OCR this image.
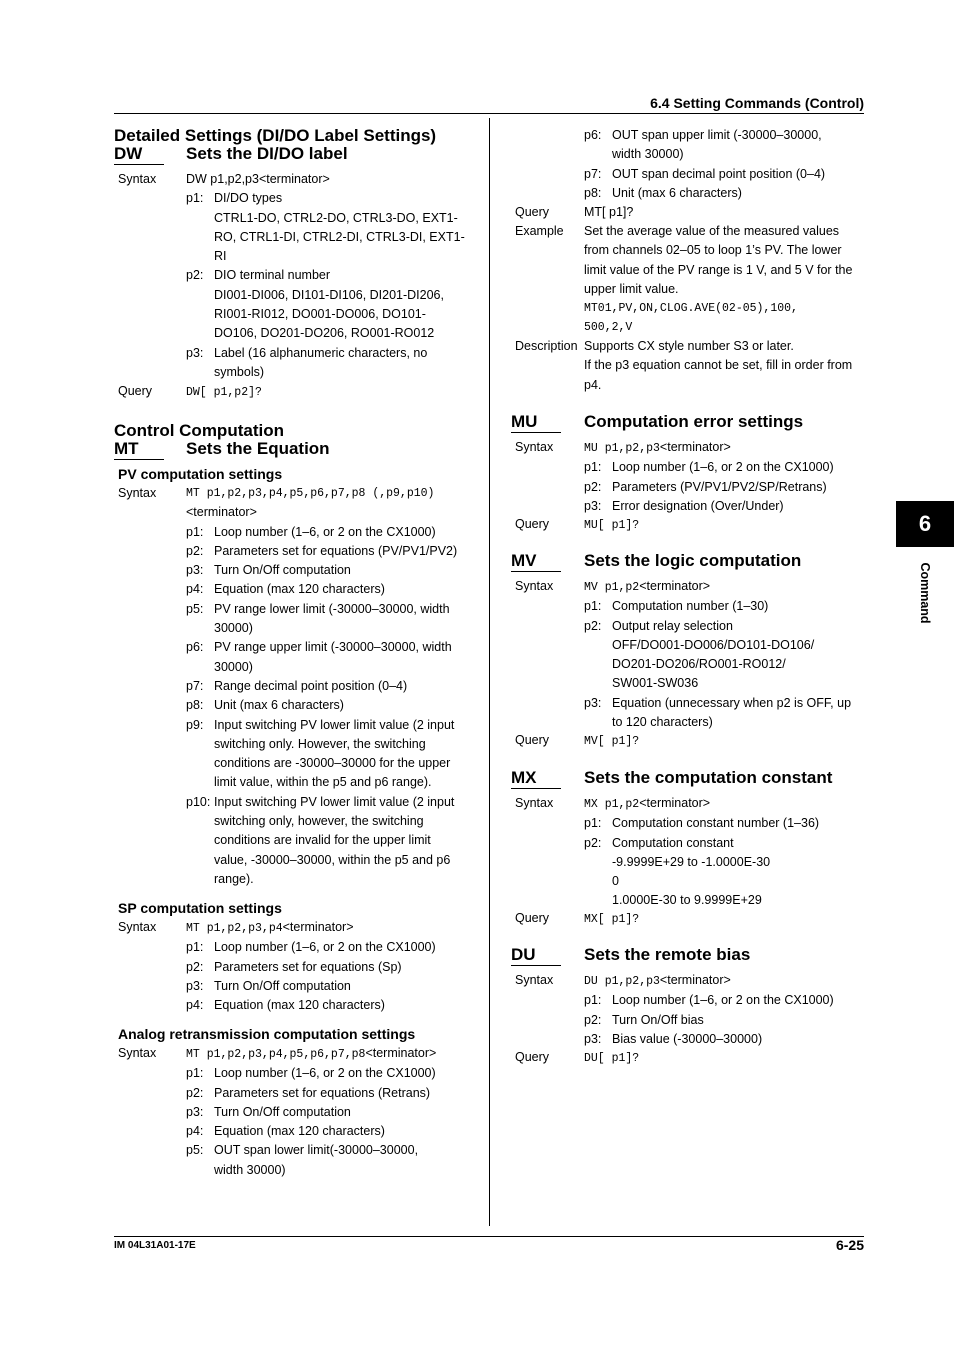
6.4 Setting Commands (Control)
IM 04L31A01-17E	6-25
6
Command
Detailed Settings (DI/DO Label Settings)
DW	Sets the DI/DO label
Syntax DW p1,p2,p3<terminator>
p1: DI/DO types
CTRL1-DO, CTRL2-DO, CTRL3-DO, EXT1-RO, CTRL1-DI, CTRL2-DI, CTRL3-DI, EXT1-RI
p2: DIO terminal number
DI001-DI006, DI101-DI106, DI201-DI206, RI001-RI012, DO001-DO006, DO101-DO106, DO201-DO206, RO001-RO012
p3: Label (16 alphanumeric characters, no symbols)
Query	DW[ p1,p2]?
Control Computation
MT	Sets the Equation
PV computation settings
Syntax	MT p1,p2,p3,p4,p5,p6,p7,p8 (,p9,p10)
<terminator>
p1: Loop number (1–6, or 2 on the CX1000)
p2: Parameters set for equations (PV/PV1/PV2)
p3: Turn On/Off computation
p4: Equation (max 120 characters)
p5: PV range lower limit (-30000–30000, width 30000)
p6: PV range upper limit (-30000–30000, width 30000)
p7: Range decimal point position (0–4)
p8: Unit (max 6 characters)
p9: Input switching PV lower limit value (2 input switching only. However, the switching conditions are -30000–30000 for the upper limit value, within the p5 and p6 range).
p10: Input switching PV lower limit value (2 input switching only, however, the switching conditions are invalid for the upper limit value, -30000–30000, within the p5 and p6 range).
SP computation settings
Syntax	MT p1,p2,p3,p4<terminator>
p1: Loop number (1–6, or 2 on the CX1000)
p2: Parameters set for equations (Sp)
p3: Turn On/Off computation
p4: Equation (max 120 characters)
Analog retransmission computation settings
Syntax	MT p1,p2,p3,p4,p5,p6,p7,p8<terminator>
p1: Loop number (1–6, or 2 on the CX1000)
p2: Parameters set for equations (Retrans)
p3: Turn On/Off computation
p4: Equation (max 120 characters)
p5: OUT span lower limit(-30000–30000, width 30000)
p6: OUT span upper limit (-30000–30000, width 30000)
p7: OUT span decimal point position (0–4)
p8: Unit (max 6 characters)
Query	MT[ p1]?
Example Set the average value of the measured values from channels 02–05 to loop 1’s PV. The lower limit value of the PV range is 1 V, and 5 V for the upper limit value.
MT01,PV,ON,CLOG.AVE(02-05),100,
500,2,V
Description Supports CX style number S3 or later.
If the p3 equation cannot be set, fill in order from p4.
MU	Computation error settings
Syntax	MU p1,p2,p3<terminator>
p1: Loop number (1–6, or 2 on the CX1000)
p2: Parameters (PV/PV1/PV2/SP/Retrans)
p3: Error designation (Over/Under)
Query	MU[ p1]?
MV	Sets the logic computation
Syntax	MV p1,p2<terminator>
p1: Computation number (1–30)
p2: Output relay selection
OFF/DO001-DO006/DO101-DO106/ DO201-DO206/RO001-RO012/ SW001-SW036
p3: Equation (unnecessary when p2 is OFF, up to 120 characters)
Query	MV[ p1]?
MX	Sets the computation constant
Syntax	MX p1,p2<terminator>
p1: Computation constant number (1–36)
p2: Computation constant
-9.9999E+29 to -1.0000E-30
0
1.0000E-30 to 9.9999E+29
Query	MX[ p1]?
DU	Sets the remote bias
Syntax	DU p1,p2,p3<terminator>
p1: Loop number (1–6, or 2 on the CX1000)
p2: Turn On/Off bias
p3: Bias value (-30000–30000)
Query	DU[ p1]?
